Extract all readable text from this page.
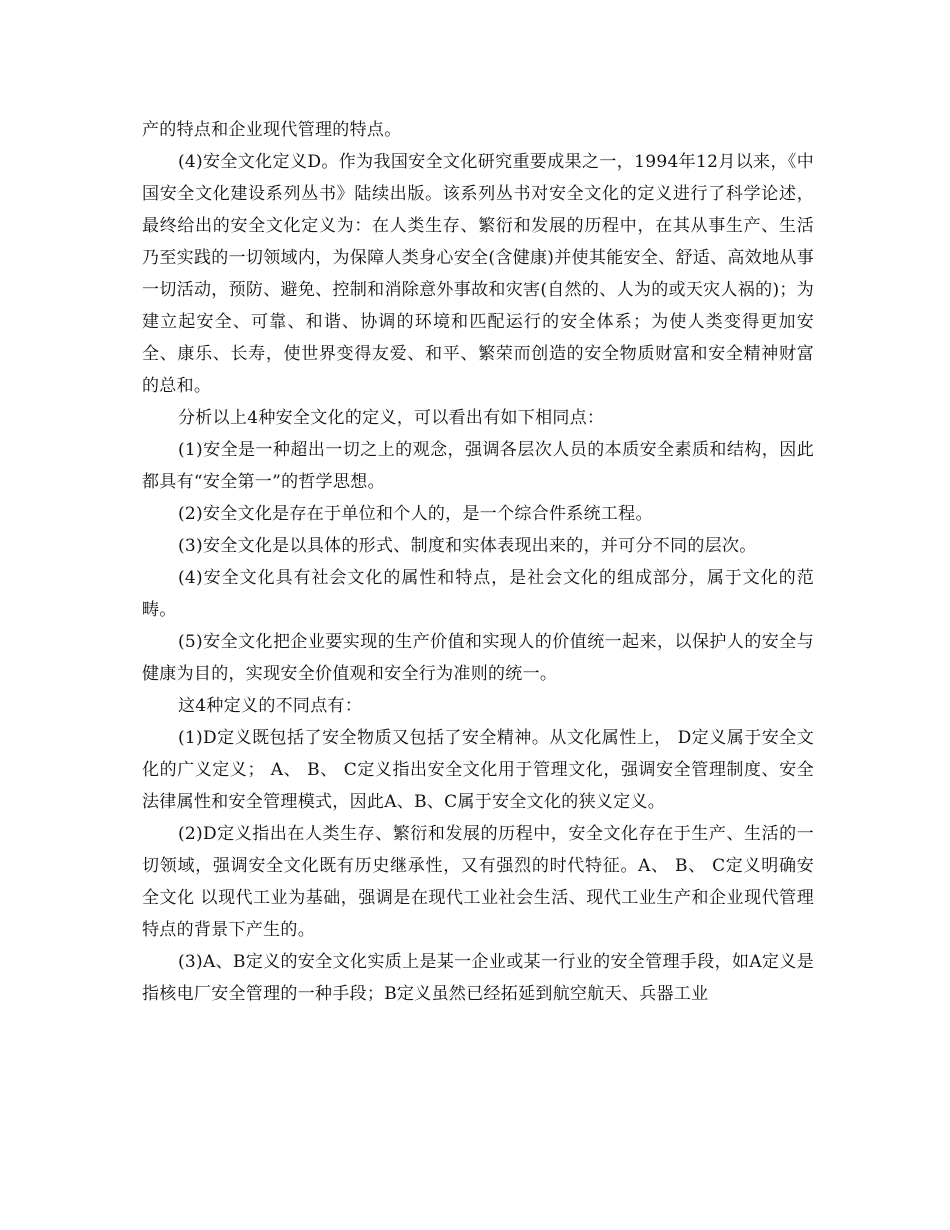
产的特点和企业现代管理的特点。

(4)安全文化定义D。作为我国安全文化研究重要成果之一，1994年12月以来，《中国安全文化建设系列丛书》陆续出版。该系列丛书对安全文化的定义进行了科学论述，最终给出的安全文化定义为：在人类生存、繁衍和发展的历程中，在其从事生产、生活乃至实践的一切领域内，为保障人类身心安全(含健康)并使其能安全、舒适、高效地从事一切活动，预防、避免、控制和消除意外事故和灾害(自然的、人为的或天灾人祸的)；为建立起安全、可靠、和谐、协调的环境和匹配运行的安全体系；为使人类变得更加安全、康乐、长寿，使世界变得友爱、和平、繁荣而创造的安全物质财富和安全精神财富的总和。

分析以上4种安全文化的定义，可以看出有如下相同点：

(1)安全是一种超出一切之上的观念，强调各层次人员的本质安全素质和结构，因此都具有“安全第一”的哲学思想。

(2)安全文化是存在于单位和个人的，是一个综合件系统工程。

(3)安全文化是以具体的形式、制度和实体表现出来的，并可分不同的层次。

(4)安全文化具有社会文化的属性和特点，是社会文化的组成部分，属于文化的范畴。

(5)安全文化把企业要实现的生产价值和实现人的价值统一起来，以保护人的安全与健康为目的，实现安全价值观和安全行为准则的统一。

这4种定义的不同点有：

(1)D定义既包括了安全物质又包括了安全精神。从文化属性上， D定义属于安全文化的广义定义； A、 B、 C定义指出安全文化用于管理文化，强调安全管理制度、安全法律属性和安全管理模式，因此A、B、C属于安全文化的狭义定义。

(2)D定义指出在人类生存、繁衍和发展的历程中，安全文化存在于生产、生活的一切领域，强调安全文化既有历史继承性，又有强烈的时代特征。A、 B、 C定义明确安全文化 以现代工业为基础，强调是在现代工业社会生活、现代工业生产和企业现代管理特点的背景下产生的。

(3)A、B定义的安全文化实质上是某一企业或某一行业的安全管理手段，如A定义是指核电厂安全管理的一种手段；B定义虽然已经拓延到航空航天、兵器工业
